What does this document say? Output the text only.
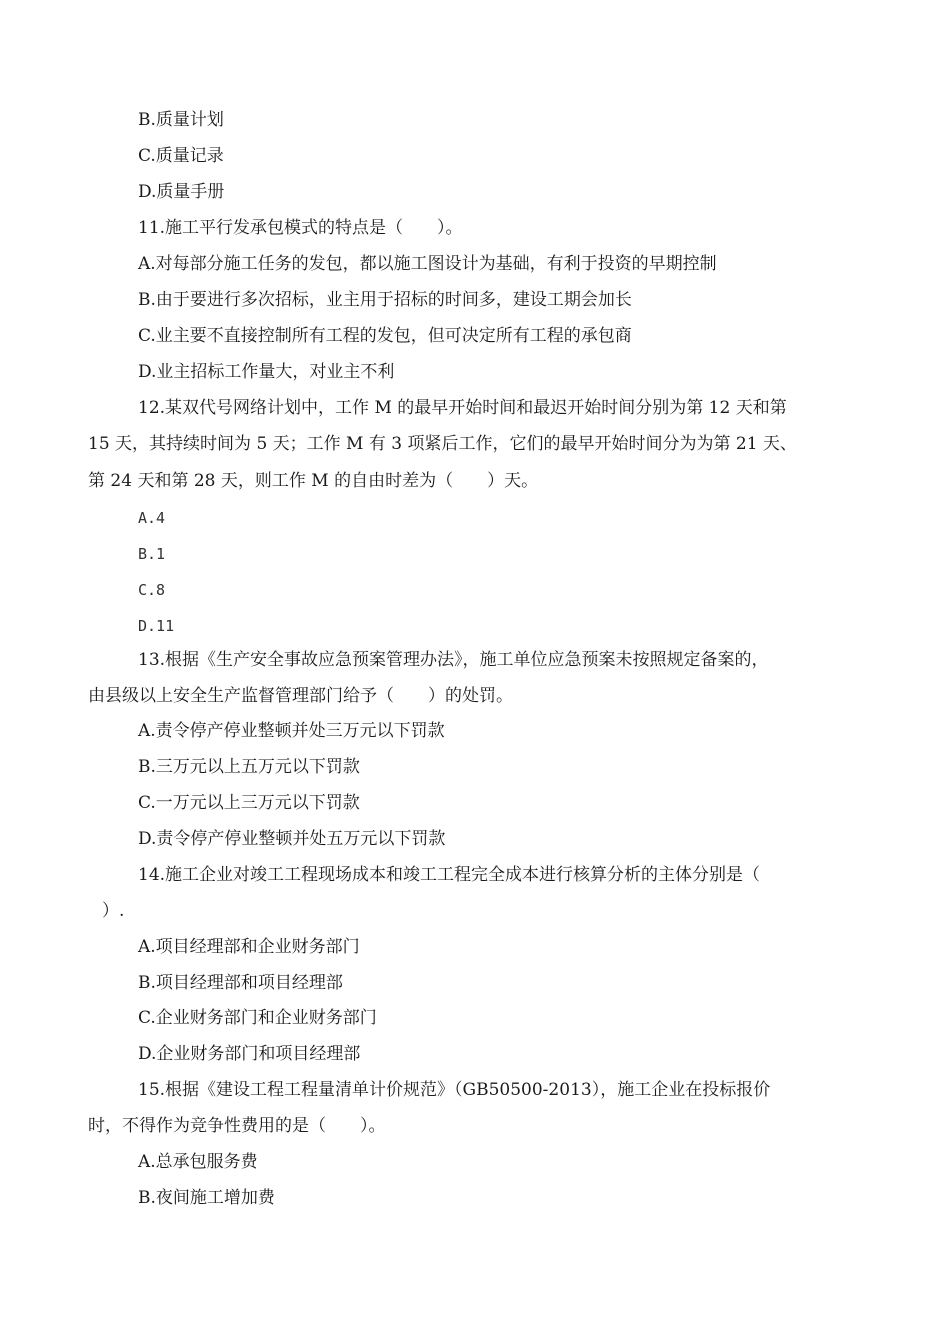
B.质量计划
C.质量记录
D.质量手册
11.施工平行发承包模式的特点是（　　）。
A.对每部分施工任务的发包，都以施工图设计为基础，有利于投资的早期控制
B.由于要进行多次招标，业主用于招标的时间多，建设工期会加长
C.业主要不直接控制所有工程的发包，但可决定所有工程的承包商
D.业主招标工作量大，对业主不利
12.某双代号网络计划中，工作 M 的最早开始时间和最迟开始时间分别为第 12 天和第
15 天，其持续时间为 5 天；工作 M 有 3 项紧后工作，它们的最早开始时间分为为第 21 天、
第 24 天和第 28 天，则工作 M 的自由时差为（　　）天。
A.4
B.1
C.8
D.11
13.根据《生产安全事故应急预案管理办法》，施工单位应急预案未按照规定备案的，
由县级以上安全生产监督管理部门给予（　　）的处罚。
A.责令停产停业整顿并处三万元以下罚款
B.三万元以上五万元以下罚款
C.一万元以上三万元以下罚款
D.责令停产停业整顿并处五万元以下罚款
14.施工企业对竣工工程现场成本和竣工工程完全成本进行核算分析的主体分别是（
）.
A.项目经理部和企业财务部门
B.项目经理部和项目经理部
C.企业财务部门和企业财务部门
D.企业财务部门和项目经理部
15.根据《建设工程工程量清单计价规范》（GB50500-2013），施工企业在投标报价
时，不得作为竞争性费用的是（　　）。
A.总承包服务费
B.夜间施工增加费
